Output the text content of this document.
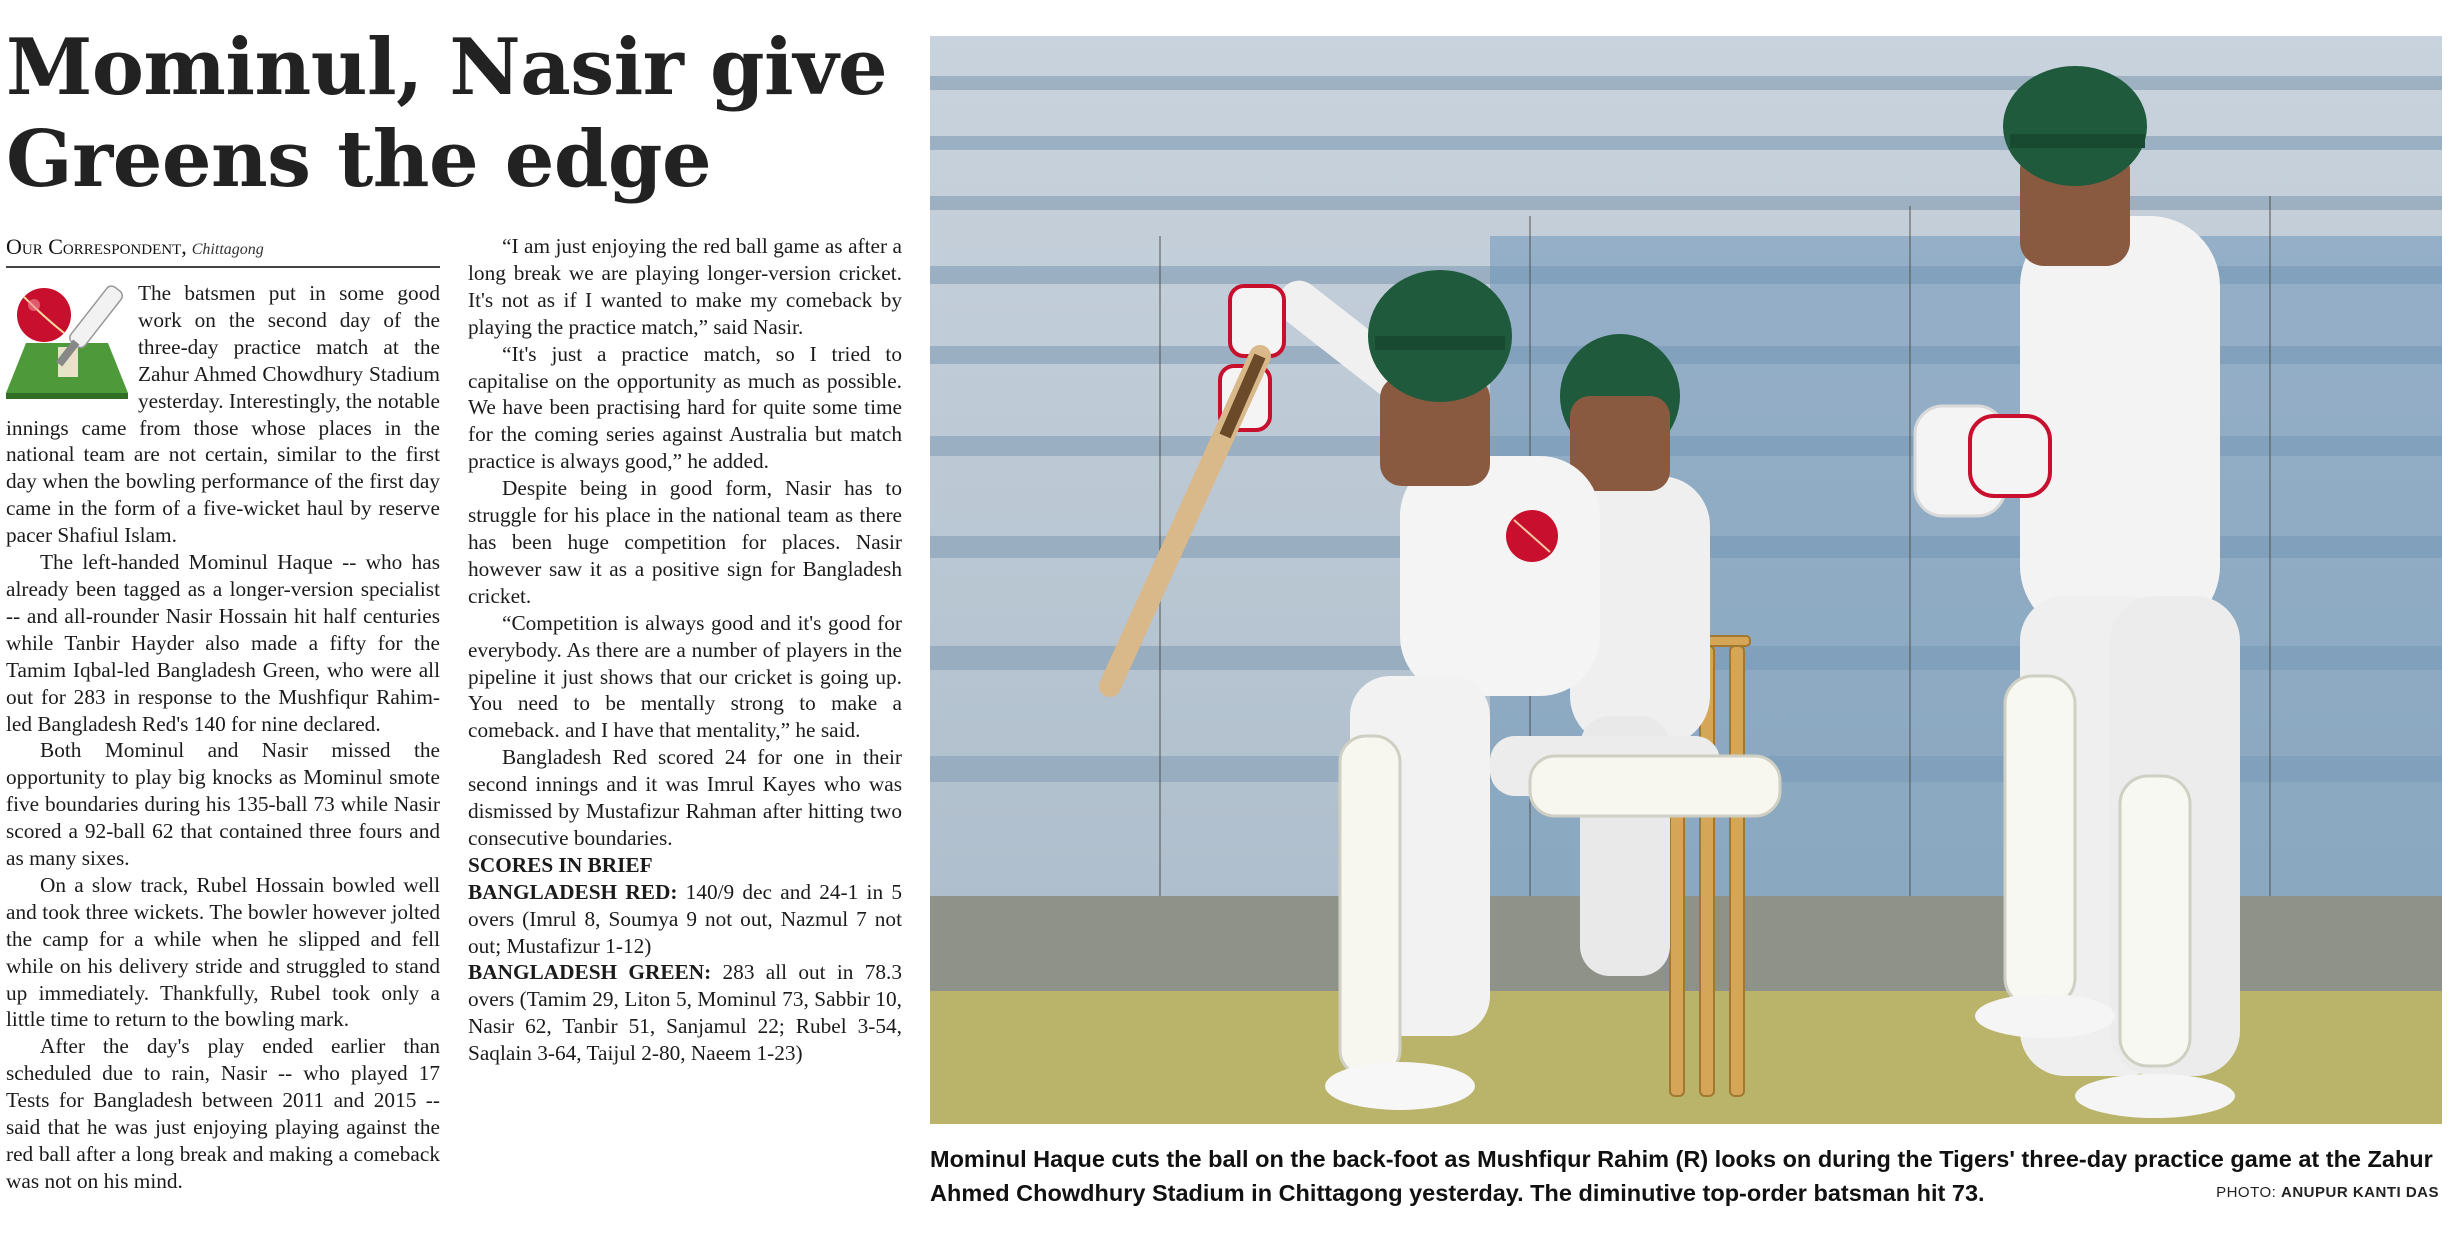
Mominul, Nasir give
Greens the edge
Our Correspondent, Chittagong

The batsmen put in some good work on the second day of the three-day practice match at the Zahur Ahmed Chowdhury Stadium yesterday. Interestingly, the notable innings came from those whose places in the national team are not certain, similar to the first day when the bowling performance of the first day came in the form of a five-wicket haul by reserve pacer Shafiul Islam.

The left-handed Mominul Haque -- who has already been tagged as a longer-version specialist -- and all-rounder Nasir Hossain hit half centuries while Tanbir Hayder also made a fifty for the Tamim Iqbal-led Bangladesh Green, who were all out for 283 in response to the Mushfiqur Rahim-led Bangladesh Red's 140 for nine declared.

Both Mominul and Nasir missed the opportunity to play big knocks as Mominul smote five boundaries during his 135-ball 73 while Nasir scored a 92-ball 62 that contained three fours and as many sixes.

On a slow track, Rubel Hossain bowled well and took three wickets. The bowler however jolted the camp for a while when he slipped and fell while on his delivery stride and struggled to stand up immediately. Thankfully, Rubel took only a little time to return to the bowling mark.

After the day's play ended earlier than scheduled due to rain, Nasir -- who played 17 Tests for Bangladesh between 2011 and 2015 -- said that he was just enjoying playing against the red ball after a long break and making a comeback was not on his mind.

“I am just enjoying the red ball game as after a long break we are playing longer-version cricket. It's not as if I wanted to make my comeback by playing the practice match,” said Nasir.

“It's just a practice match, so I tried to capitalise on the opportunity as much as possible. We have been practising hard for quite some time for the coming series against Australia but match practice is always good,” he added.

Despite being in good form, Nasir has to struggle for his place in the national team as there has been huge competition for places. Nasir however saw it as a positive sign for Bangladesh cricket.

“Competition is always good and it's good for everybody. As there are a number of players in the pipeline it just shows that our cricket is going up. You need to be mentally strong to make a comeback. and I have that mentality,” he said.

Bangladesh Red scored 24 for one in their second innings and it was Imrul Kayes who was dismissed by Mustafizur Rahman after hitting two consecutive boundaries.

SCORES IN BRIEF

BANGLADESH RED: 140/9 dec and 24-1 in 5 overs (Imrul 8, Soumya 9 not out, Nazmul 7 not out; Mustafizur 1-12)

BANGLADESH GREEN: 283 all out in 78.3 overs (Tamim 29, Liton 5, Mominul 73, Sabbir 10, Nasir 62, Tanbir 51, Sanjamul 22; Rubel 3-54, Saqlain 3-64, Taijul 2-80, Naeem 1-23)

Mominul Haque cuts the ball on the back-foot as Mushfiqur Rahim (R) looks on during the Tigers' three-day practice game at the Zahur Ahmed Chowdhury Stadium in Chittagong yesterday. The diminutive top-order batsman hit 73.	PHOTO: ANUPUR KANTI DAS
